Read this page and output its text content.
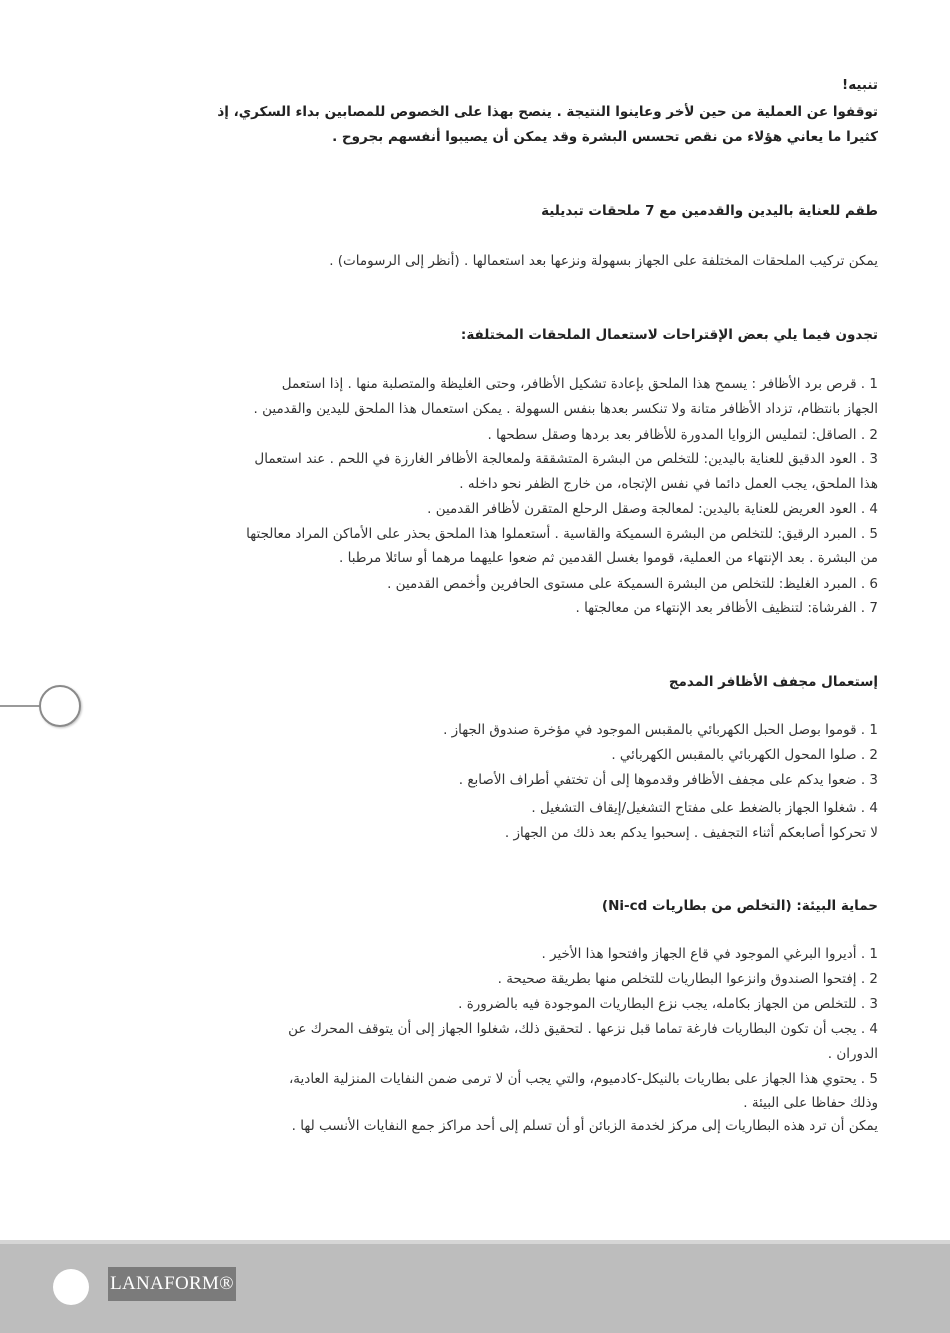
تنبيه!
توقفوا عن العملية من حين لأخر وعاينوا النتيجة . ينصح بهذا على الخصوص للمصابين بداء السكري، إذ
كثيرا ما يعاني هؤلاء من نقص تحسس البشرة وقد يمكن أن يصيبوا أنفسهم بجروح .
طقم للعناية باليدين والقدمين مع 7 ملحقات تبديلية
يمكن تركيب الملحقات المختلفة على الجهاز بسهولة ونزعها بعد استعمالها . (أنظر إلى الرسومات) .
تجدون فيما يلي بعض الإقتراحات لاستعمال الملحقات المختلفة:
1 . قرص برد الأظافر : يسمح هذا الملحق بإعادة تشكيل الأظافر، وحتى الغليظة والمتصلبة منها . إذا استعمل
الجهاز بانتظام، تزداد الأظافر متانة ولا تنكسر بعدها بنفس السهولة . يمكن استعمال هذا الملحق لليدين والقدمين .
2 . الصاقل: لتمليس الزوايا المدورة للأظافر بعد بردها وصقل سطحها .
3 . العود الدقيق للعناية باليدين: للتخلص من البشرة المتشققة ولمعالجة الأظافر الغارزة في اللحم . عند استعمال
هذا الملحق، يجب العمل دائما في نفس الإتجاه، من خارج الظفر نحو داخله .
4 . العود العريض للعناية باليدين: لمعالجة وصقل الرحلع المتقرن لأظافر القدمين .
5 . المبرد الرقيق: للتخلص من البشرة السميكة والقاسية . أستعملوا هذا الملحق بحذر على الأماكن المراد معالجتها
من البشرة . بعد الإنتهاء من العملية، قوموا بغسل القدمين ثم ضعوا عليهما مرهما أو سائلا مرطبا .
6 . المبرد الغليظ: للتخلص من البشرة السميكة على مستوى الحافرين وأخمص القدمين .
7 . الفرشاة: لتنظيف الأظافر بعد الإنتهاء من معالجتها .
إستعمال مجفف الأظافر المدمج
1 . قوموا بوصل الحبل الكهربائي بالمقبس الموجود في مؤخرة صندوق الجهاز .
2 . صلوا المحول الكهربائي بالمقبس الكهربائي .
3 . ضعوا يدكم على مجفف الأظافر وقدموها إلى أن تختفي أطراف الأصابع .
4 . شغلوا الجهاز بالضغط على مفتاح التشغيل/إيقاف التشغيل .
لا تحركوا أصابعكم أثناء التجفيف . إسحبوا يدكم بعد ذلك من الجهاز .
حماية البيئة: (التخلص من بطاريات Ni-cd)
1 . أديروا البرغي الموجود في قاع الجهاز وافتحوا هذا الأخير .
2 . إفتحوا الصندوق وانزعوا البطاريات للتخلص منها بطريقة صحيحة .
3 . للتخلص من الجهاز بكامله، يجب نزع البطاريات الموجودة فيه بالضرورة .
4 . يجب أن تكون البطاريات فارغة تماما قبل نزعها . لتحقيق ذلك، شغلوا الجهاز إلى أن يتوقف المحرك عن
الدوران .
5 . يحتوي هذا الجهاز على بطاريات بالنيكل-كادميوم، والتي يجب أن لا ترمى ضمن النفايات المنزلية العادية،
وذلك حفاظا على البيئة .
يمكن أن ترد هذه البطاريات إلى مركز لخدمة الزبائن أو أن تسلم إلى أحد مراكز جمع النفايات الأنسب لها .
LANAFORM®
